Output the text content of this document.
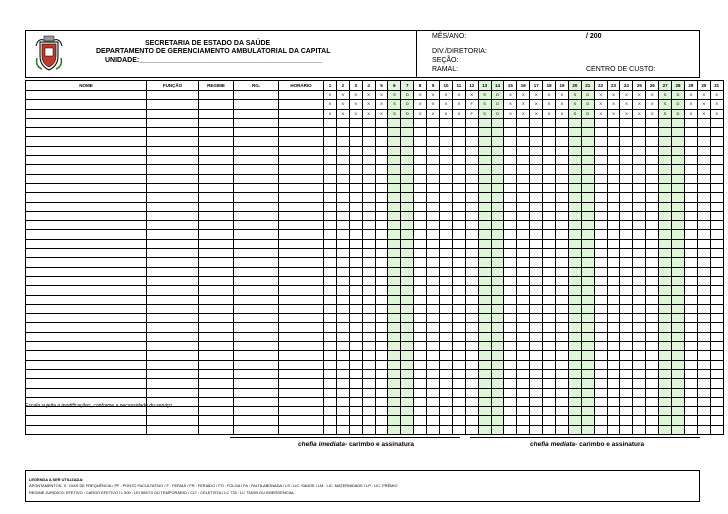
SECRETARIA DE ESTADO DA SAÚDE
DEPARTAMENTO DE GERENCIAMENTO AMBULATORIAL DA CAPITAL
UNIDADE:_______________________________________________
MÊS/ANO:	/ 200
DIV./DIRETORIA:
SEÇÃO:
RAMAL:	CENTRO DE CUSTO:
NOME	FUNÇÃO	REGIME	RG.	HORÁRIO	1	2	3	4	5	6	7	8	9	10	11	12	13	14	15	16	17	18	19	20	21	22	23	24	25	26	27	28	29	30	31
					X	X	X	X	X	S	D	X	X	X	X	X	S	D	X	X	X	X	X	S	D	X	X	X	X	X	S	D	X	X	X
					X	X	X	X	X	S	D	X	X	X	X	F	S	D	X	X	X	X	X	S	D	X	X	X	X	X	S	D	X	X	X
					X	X	X	X	X	S	D	X	X	X	X	F	S	D	X	X	X	X	X	S	D	X	X	X	X	X	S	D	X	X	X

Escala sujeita a modificações, conforme a necessidade do serviço.
chefia imediata- carimbo e assinatura	chefia mediata- carimbo e assinatura
LEGENDA A SER UTILIZADA:
APONTAMENTOS: X : DIAS DE FREQUÊNCIA / PF : PONTO FACULTATIVO / F : FERIAS / FR : FERIADO / FO : FOLGA / FA : FALTA ABONADA / LS : LIC. SAÚDE / LM : LIC. MATERNIDADE / LP : LIC. PRÊMIO
REGIME JURIDICO: EFETIVO : CARGO EFETIVO / L 500 : LEI 500/74 OU TEMPORÁRIO / CLT : CELETISTA / LC 733 : LC 733/93 OU EMERGENCIAL
